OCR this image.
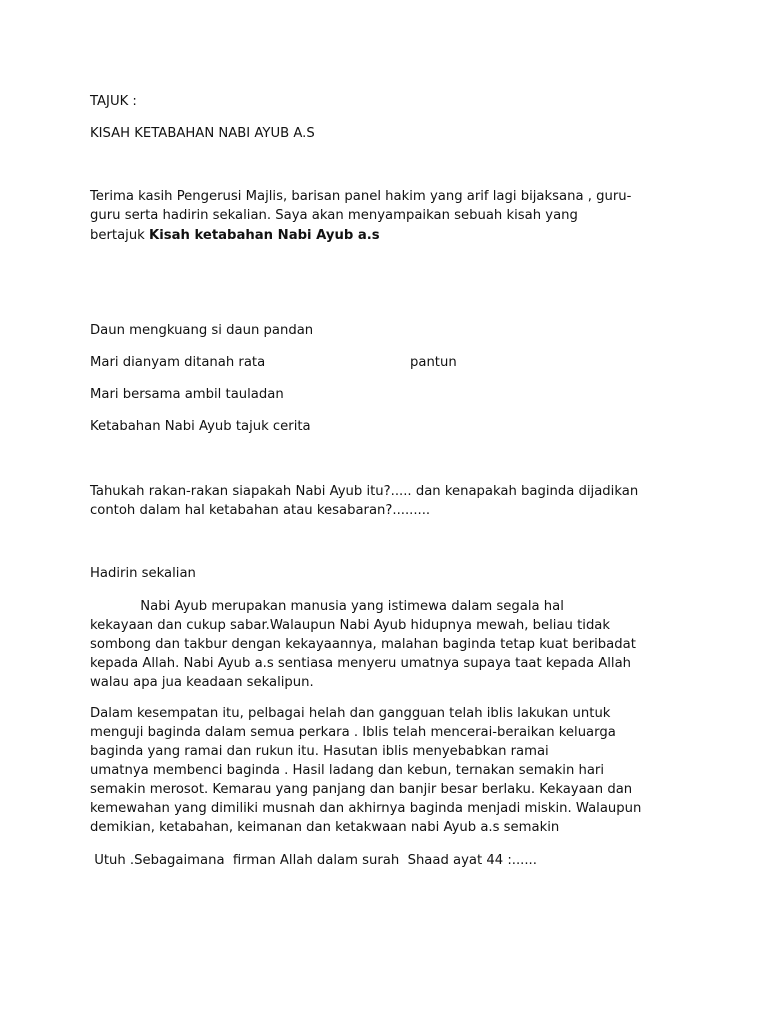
TAJUK :
KISAH KETABAHAN NABI AYUB A.S
Terima kasih Pengerusi Majlis, barisan panel hakim yang arif lagi bijaksana , guru-
guru serta hadirin sekalian. Saya akan menyampaikan sebuah kisah yang
bertajuk Kisah ketabahan Nabi Ayub a.s
Daun mengkuang si daun pandan
Mari dianyam ditanah rata	pantun
Mari bersama ambil tauladan
Ketabahan Nabi Ayub tajuk cerita
Tahukah rakan-rakan siapakah Nabi Ayub itu?..... dan kenapakah baginda dijadikan
contoh dalam hal ketabahan atau kesabaran?.........
Hadirin sekalian

Nabi Ayub merupakan manusia yang istimewa dalam segala hal

kekayaan dan cukup sabar.Walaupun Nabi Ayub hidupnya mewah, beliau tidak

sombong dan takbur dengan kekayaannya, malahan baginda tetap kuat beribadat

kepada Allah. Nabi Ayub a.s sentiasa menyeru umatnya supaya taat kepada Allah

walau apa jua keadaan sekalipun.

Dalam kesempatan itu, pelbagai helah dan gangguan telah iblis lakukan untuk

menguji baginda dalam semua perkara . Iblis telah mencerai-beraikan keluarga

baginda yang ramai dan rukun itu. Hasutan iblis menyebabkan ramai

umatnya membenci baginda . Hasil ladang dan kebun, ternakan semakin hari

semakin merosot. Kemarau yang panjang dan banjir besar berlaku. Kekayaan dan

kemewahan yang dimiliki musnah dan akhirnya baginda menjadi miskin. Walaupun

demikian, ketabahan, keimanan dan ketakwaan nabi Ayub a.s semakin

Utuh .Sebagaimana  firman Allah dalam surah  Shaad ayat 44 :......
